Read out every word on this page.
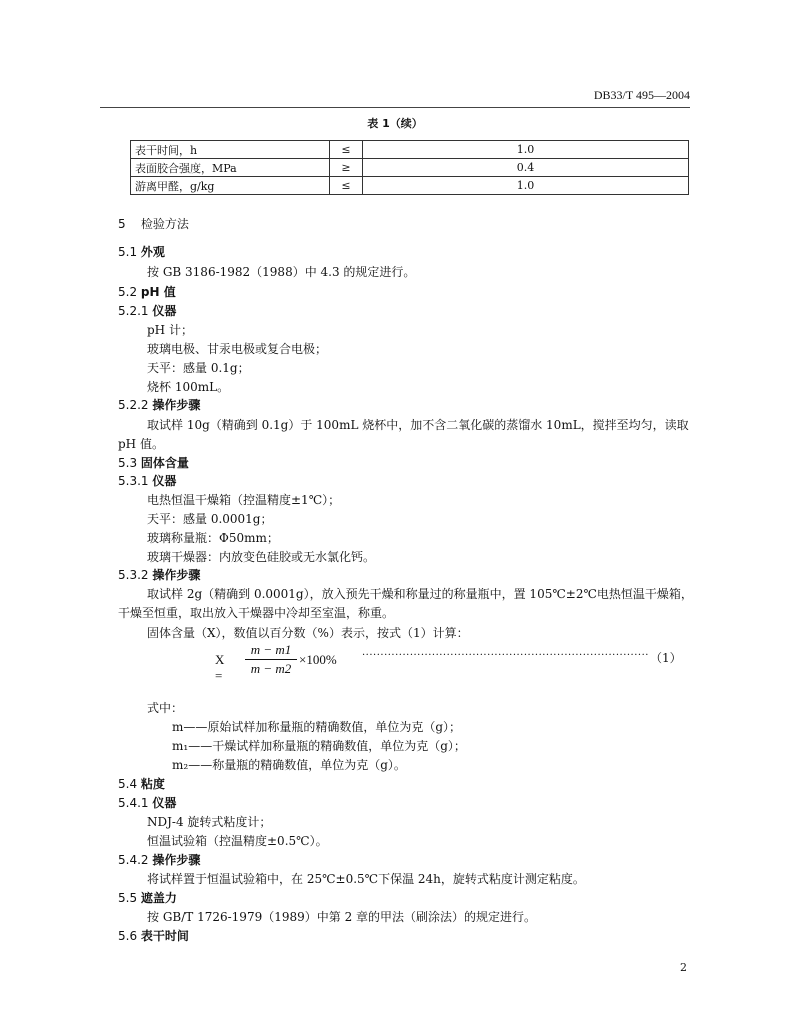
DB33/T 495—2004
表 1（续）
表干时间，h	≤	1.0
表面胶合强度，MPa	≥	0.4
游离甲醛，g/kg	≤	1.0
5 检验方法
5.1 外观
按 GB 3186-1982（1988）中 4.3 的规定进行。
5.2 pH 值
5.2.1 仪器
pH 计；
玻璃电极、甘汞电极或复合电极；
天平：感量 0.1g；
烧杯 100mL。
5.2.2 操作步骤
取试样 10g（精确到 0.1g）于 100mL 烧杯中，加不含二氧化碳的蒸馏水 10mL，搅拌至均匀，读取
pH 值。
5.3 固体含量
5.3.1 仪器
电热恒温干燥箱（控温精度±1℃）；
天平：感量 0.0001g；
玻璃称量瓶：Φ50mm；
玻璃干燥器：内放变色硅胶或无水氯化钙。
5.3.2 操作步骤
取试样 2g（精确到 0.0001g），放入预先干燥和称量过的称量瓶中，置 105℃±2℃电热恒温干燥箱，
干燥至恒重，取出放入干燥器中冷却至室温，称重。
固体含量（X），数值以百分数（%）表示，按式（1）计算：
X =
m − m1
m − m2
×100%	·············································································· （1）
式中：
m——原始试样加称量瓶的精确数值，单位为克（g）；
m₁——干燥试样加称量瓶的精确数值，单位为克（g）；
m₂——称量瓶的精确数值，单位为克（g）。
5.4 粘度
5.4.1 仪器
NDJ-4 旋转式粘度计；
恒温试验箱（控温精度±0.5℃）。
5.4.2 操作步骤
将试样置于恒温试验箱中，在 25℃±0.5℃下保温 24h，旋转式粘度计测定粘度。
5.5 遮盖力
按 GB/T 1726-1979（1989）中第 2 章的甲法（刷涂法）的规定进行。
5.6 表干时间
2
